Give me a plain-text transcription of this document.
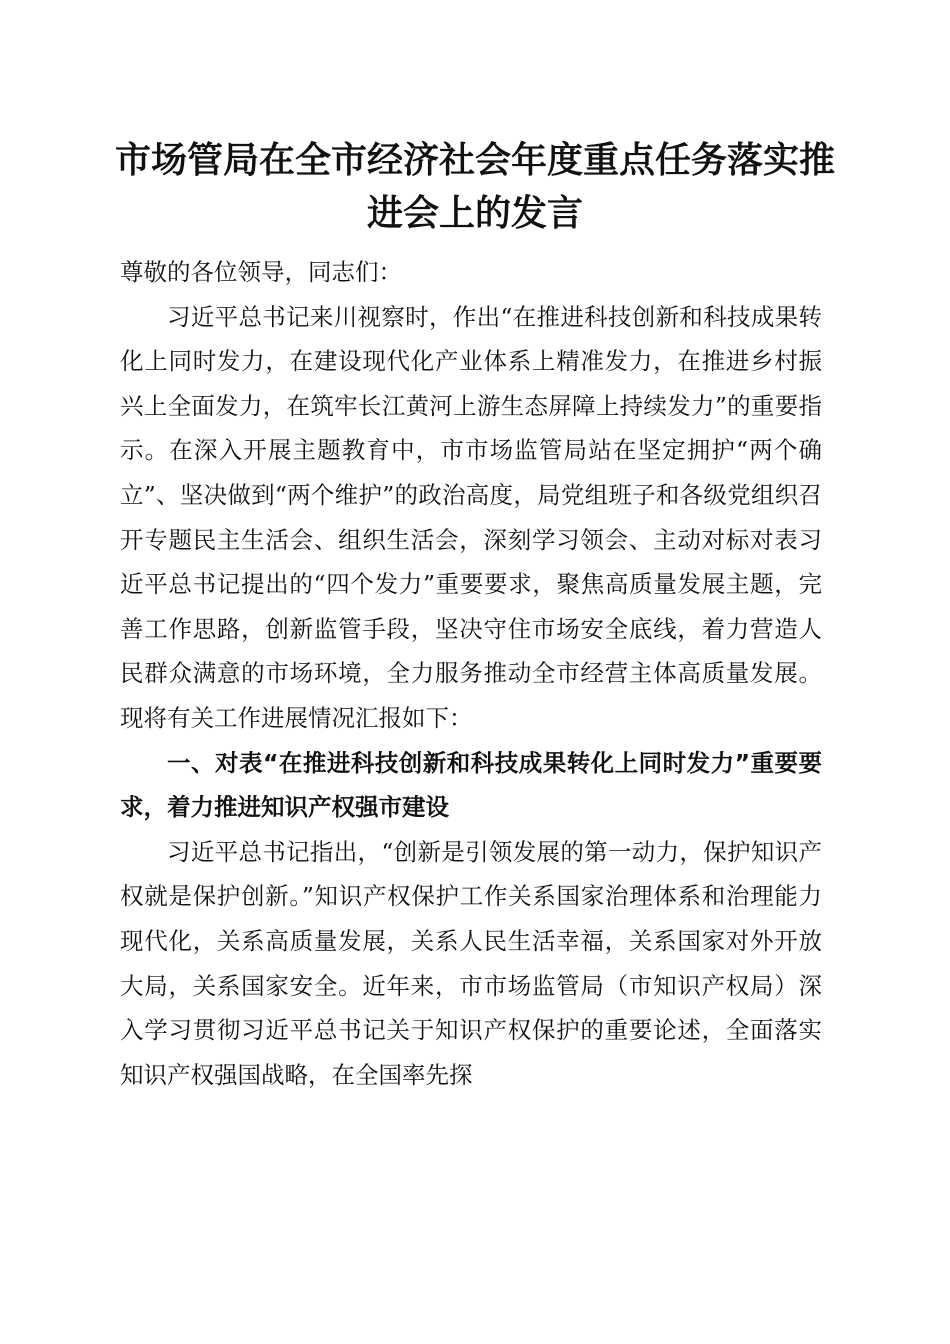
市场管局在全市经济社会年度重点任务落实推进会上的发言

尊敬的各位领导，同志们：

习近平总书记来川视察时，作出“在推进科技创新和科技成果转化上同时发力，在建设现代化产业体系上精准发力，在推进乡村振兴上全面发力，在筑牢长江黄河上游生态屏障上持续发力”的重要指示。在深入开展主题教育中，市市场监管局站在坚定拥护“两个确立”、坚决做到“两个维护”的政治高度，局党组班子和各级党组织召开专题民主生活会、组织生活会，深刻学习领会、主动对标对表习近平总书记提出的“四个发力”重要要求，聚焦高质量发展主题，完善工作思路，创新监管手段，坚决守住市场安全底线，着力营造人民群众满意的市场环境，全力服务推动全市经营主体高质量发展。现将有关工作进展情况汇报如下：

一、对表“在推进科技创新和科技成果转化上同时发力”重要要求，着力推进知识产权强市建设

习近平总书记指出，“创新是引领发展的第一动力，保护知识产权就是保护创新。”知识产权保护工作关系国家治理体系和治理能力现代化，关系高质量发展，关系人民生活幸福，关系国家对外开放大局，关系国家安全。近年来，市市场监管局（市知识产权局）深入学习贯彻习近平总书记关于知识产权保护的重要论述，全面落实知识产权强国战略，在全国率先探
